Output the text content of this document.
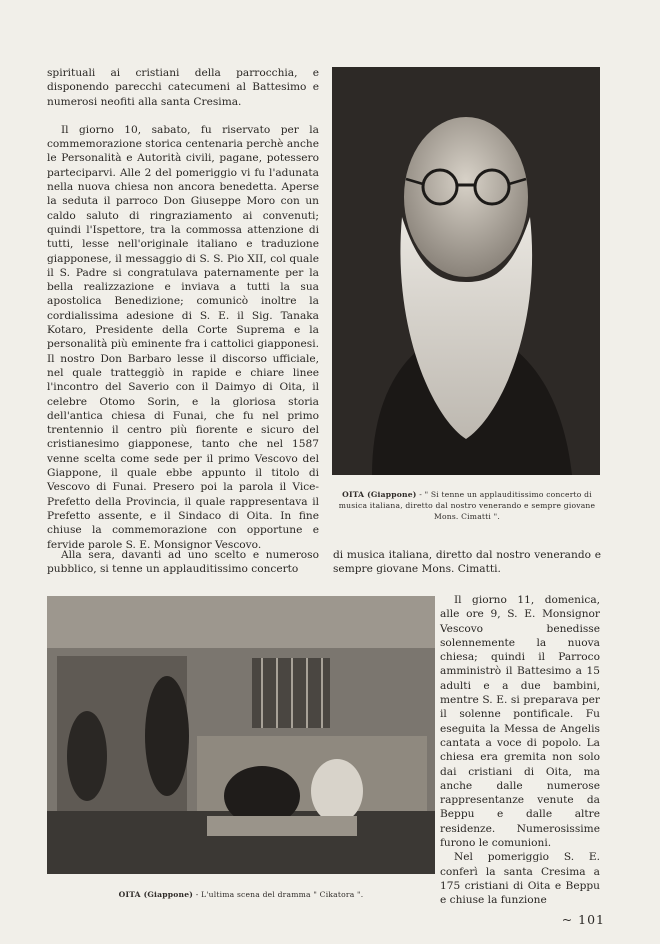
spirituali ai cristiani della parrocchia, e disponendo parecchi catecumeni al Battesimo e numerosi neofiti alla santa Cresima.

Il giorno 10, sabato, fu riservato per la commemorazione storica centenaria perchè anche le Personalità e Autorità civili, pagane, potessero parteciparvi. Alle 2 del pomeriggio vi fu l'adunata nella nuova chiesa non ancora benedetta. Aperse la seduta il parroco Don Giuseppe Moro con un caldo saluto di ringraziamento ai convenuti; quindi l'Ispettore, tra la commossa attenzione di tutti, lesse nell'originale italiano e traduzione giapponese, il messaggio di S. S. Pio XII, col quale il S. Padre si congratulava paternamente per la bella realizzazione e inviava a tutti la sua apostolica Benedizione; comunicò inoltre la cordialissima adesione di S. E. il Sig. Tanaka Kotaro, Presidente della Corte Suprema e la personalità più eminente fra i cattolici giapponesi. Il nostro Don Barbaro lesse il discorso ufficiale, nel quale tratteggiò in rapide e chiare linee l'incontro del Saverio con il Daimyo di Oita, il celebre Otomo Sorin, e la gloriosa storia dell'antica chiesa di Funai, che fu nel primo trentennio il centro più fiorente e sicuro del cristianesimo giapponese, tanto che nel 1587 venne scelta come sede per il primo Vescovo del Giappone, il quale ebbe appunto il titolo di Vescovo di Funai. Presero poi la parola il Vice-Prefetto della Provincia, il quale rappresentava il Prefetto assente, e il Sindaco di Oita. In fine chiuse la commemorazione con opportune e fervide parole S. E. Monsignor Vescovo.

OITA (Giappone) - " Si tenne un applauditissimo concerto di musica italiana, diretto dal nostro venerando e sempre giovane Mons. Cimatti ".

Alla sera, davanti ad uno scelto e numeroso pubblico, si tenne un applauditissimo concerto

di musica italiana, diretto dal nostro venerando e sempre giovane Mons. Cimatti.

OITA (Giappone) - L'ultima scena del dramma " Cikatora ".

Il giorno 11, domenica, alle ore 9, S. E. Monsignor Vescovo benedisse solennemente la nuova chiesa; quindi il Parroco amministrò il Battesimo a 15 adulti e a due bambini, mentre S. E. si preparava per il solenne pontificale. Fu eseguita la Messa de Angelis cantata a voce di popolo. La chiesa era gremita non solo dai cristiani di Oita, ma anche dalle numerose rappresentanze venute da Beppu e dalle altre residenze. Numerosissime furono le comunioni.

Nel pomeriggio S. E. conferì la santa Cresima a 175 cristiani di Oita e Beppu e chiuse la funzione

~ 101
